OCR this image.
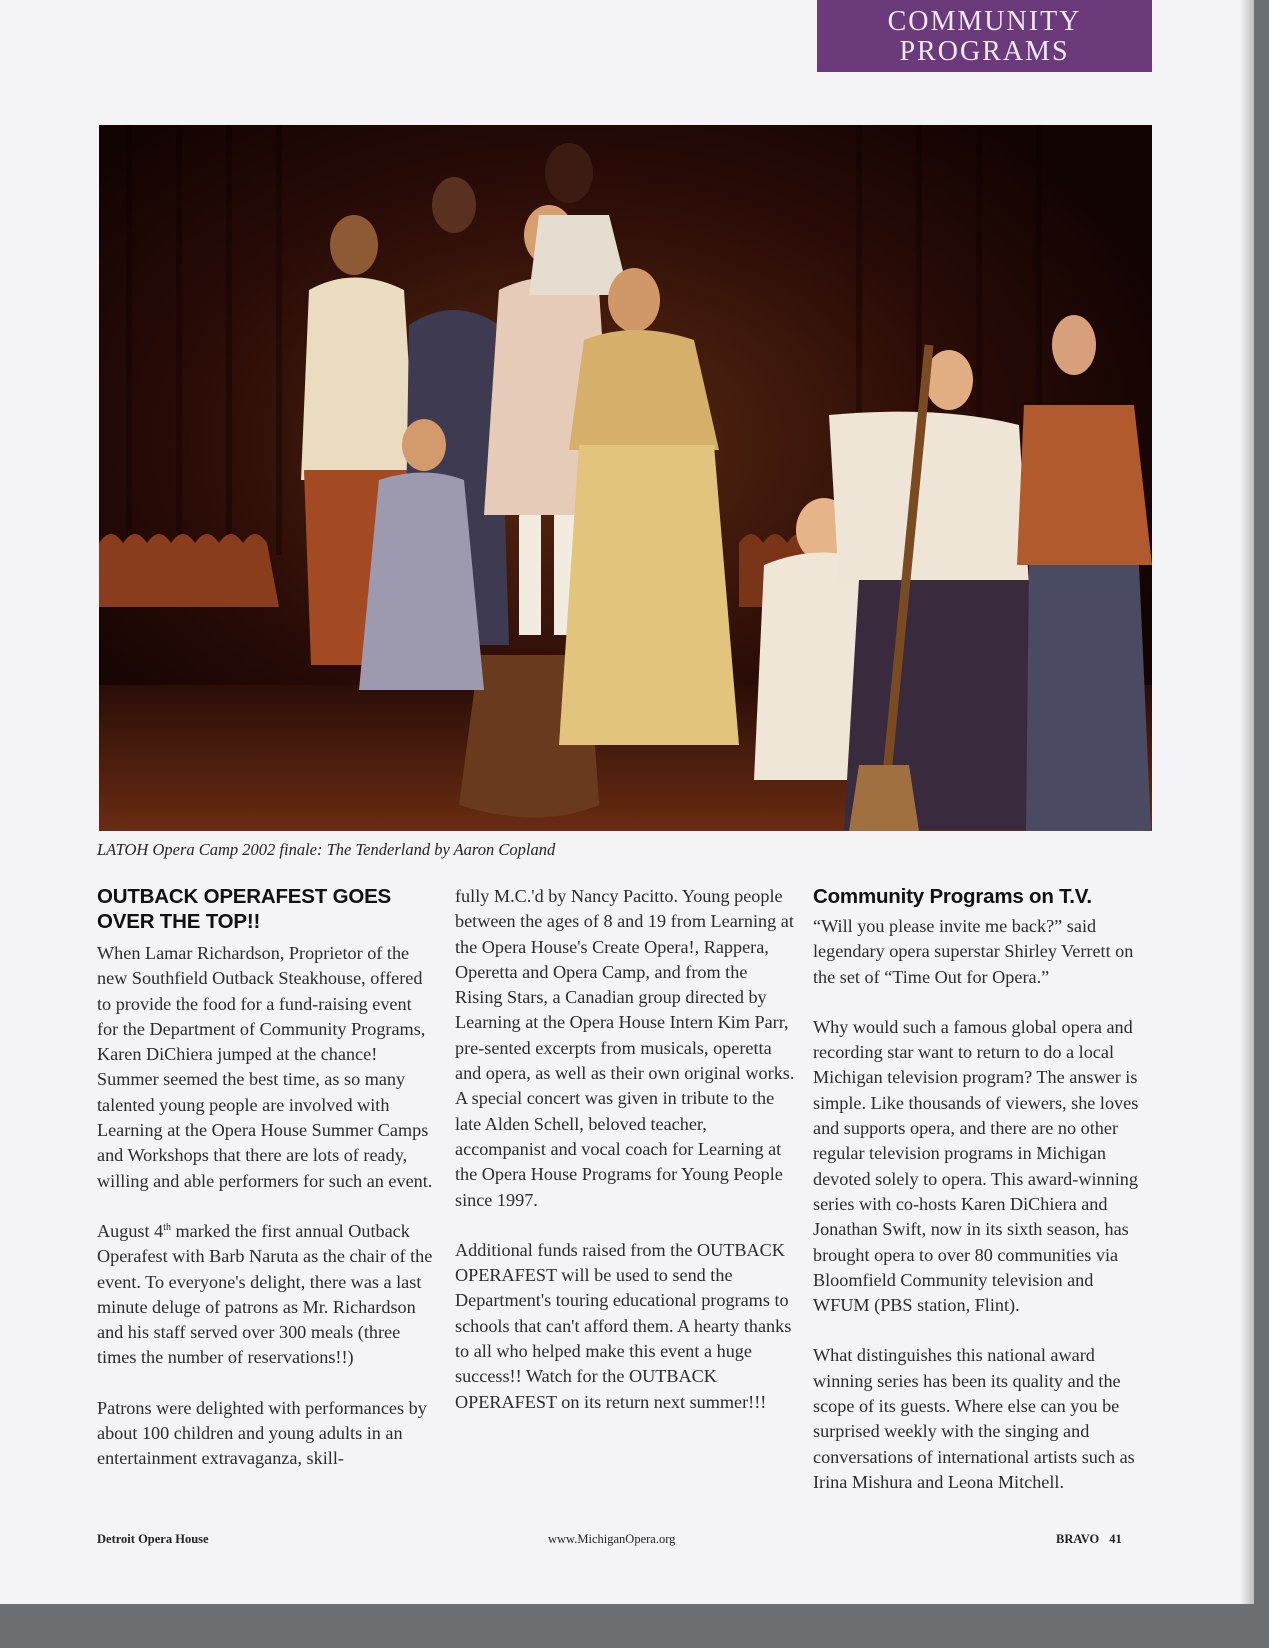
COMMUNITY
PROGRAMS
LATOH Opera Camp 2002 finale: The Tenderland by Aaron Copland
OUTBACK OPERAFEST GOES OVER THE TOP!!

When Lamar Richardson, Proprietor of the new Southfield Outback Steakhouse, offered to provide the food for a fund-raising event for the Department of Community Programs, Karen DiChiera jumped at the chance! Summer seemed the best time, as so many talented young people are involved with Learning at the Opera House Summer Camps and Workshops that there are lots of ready, willing and able performers for such an event.

August 4th marked the first annual Outback Operafest with Barb Naruta as the chair of the event. To everyone's delight, there was a last minute deluge of patrons as Mr. Richardson and his staff served over 300 meals (three times the number of reservations!!)

Patrons were delighted with performances by about 100 children and young adults in an entertainment extravaganza, skill-

fully M.C.'d by Nancy Pacitto. Young people between the ages of 8 and 19 from Learning at the Opera House's Create Opera!, Rappera, Operetta and Opera Camp, and from the Rising Stars, a Canadian group directed by Learning at the Opera House Intern Kim Parr, pre-sented excerpts from musicals, operetta and opera, as well as their own original works. A special concert was given in tribute to the late Alden Schell, beloved teacher, accompanist and vocal coach for Learning at the Opera House Programs for Young People since 1997.

Additional funds raised from the OUTBACK OPERAFEST will be used to send the Department's touring educational programs to schools that can't afford them. A hearty thanks to all who helped make this event a huge success!! Watch for the OUTBACK OPERAFEST on its return next summer!!!

Community Programs on T.V.

“Will you please invite me back?” said legendary opera superstar Shirley Verrett on the set of “Time Out for Opera.”

Why would such a famous global opera and recording star want to return to do a local Michigan television program? The answer is simple. Like thousands of viewers, she loves and supports opera, and there are no other regular television programs in Michigan devoted solely to opera. This award-winning series with co-hosts Karen DiChiera and Jonathan Swift, now in its sixth season, has brought opera to over 80 communities via Bloomfield Community television and WFUM (PBS station, Flint).

What distinguishes this national award winning series has been its quality and the scope of its guests. Where else can you be surprised weekly with the singing and conversations of international artists such as Irina Mishura and Leona Mitchell.

Detroit Opera House	www.MichiganOpera.org	BRAVO 41
